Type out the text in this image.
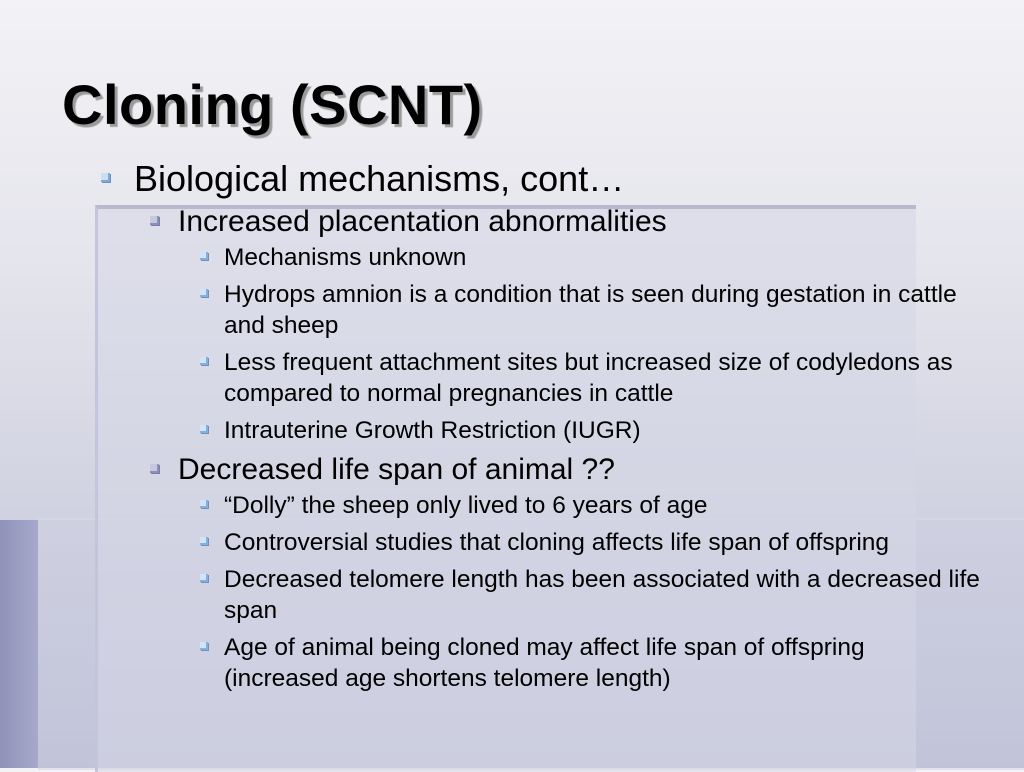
Cloning (SCNT)
Biological mechanisms, cont…
Increased placentation abnormalities
Mechanisms unknown
Hydrops amnion is a condition that is seen during gestation in cattle and sheep
Less frequent attachment sites but increased size of codyledons as compared to normal pregnancies in cattle
Intrauterine Growth Restriction (IUGR)
Decreased life span of animal ??
“Dolly” the sheep only lived to 6 years of age
Controversial studies that cloning affects life span of offspring
Decreased telomere length has been associated with a decreased life span
Age of animal being cloned may affect life span of offspring (increased age shortens telomere length)
